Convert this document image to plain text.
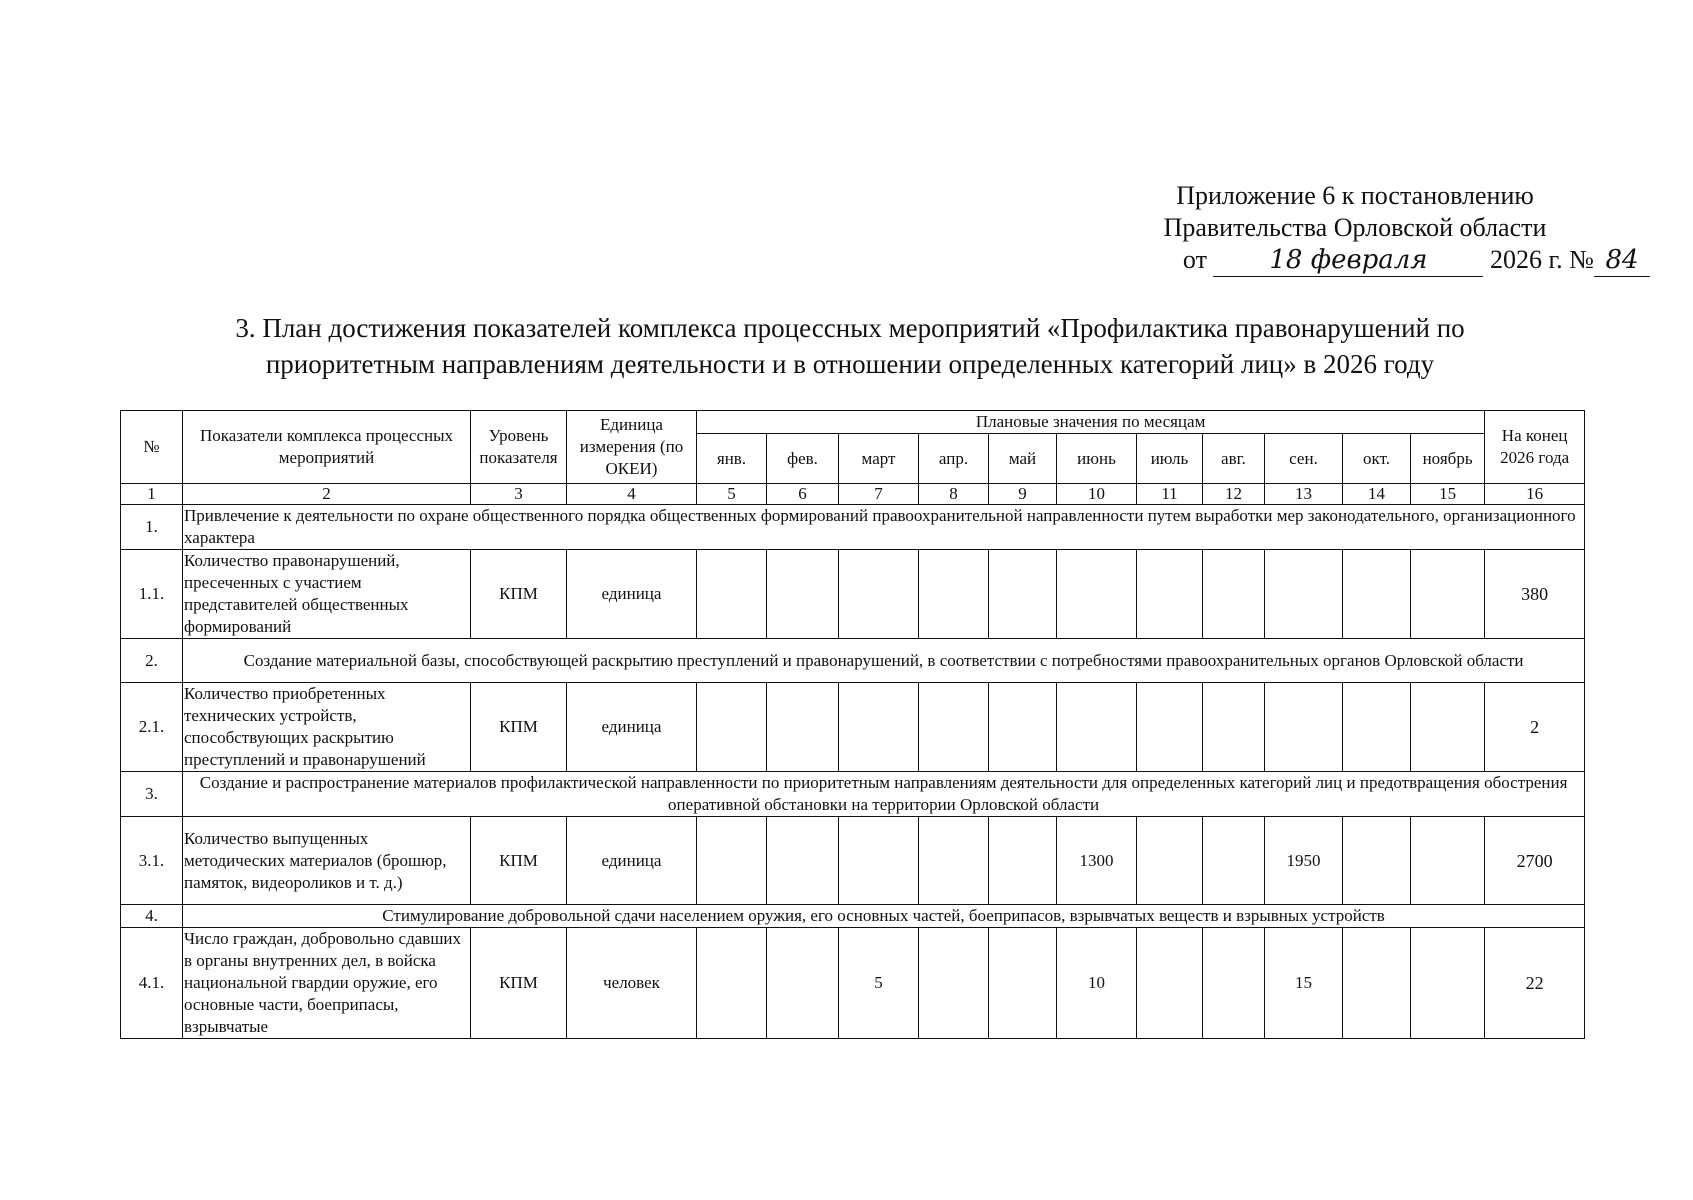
Приложение 6 к постановлению
Правительства Орловской области
от 18 февраля 2026 г. № 84
3. План достижения показателей комплекса процессных мероприятий «Профилактика правонарушений по
приоритетным направлениям деятельности и в отношении определенных категорий лиц» в 2026 году
№	Показатели комплекса процессных мероприятий	Уровень показателя	Единица измерения (по ОКЕИ)	Плановые значения по месяцам											На конец 2026 года
				янв.	фев.	март	апр.	май	июнь	июль	авг.	сен.	окт.	ноябрь	
1	2	3	4	5	6	7	8	9	10	11	12	13	14	15	16
1.	Привлечение к деятельности по охране общественного порядка общественных формирований правоохранительной направленности путем выработки мер законодательного, организационного характера														
1.1.	Количество правонарушений, пресеченных с участием представителей общественных формирований	КПМ	единица												380
2.	Создание материальной базы, способствующей раскрытию преступлений и правонарушений, в соответствии с потребностями правоохранительных органов Орловской области														
2.1.	Количество приобретенных технических устройств, способствующих раскрытию преступлений и правонарушений	КПМ	единица												2
3.	Создание и распространение материалов профилактической направленности по приоритетным направлениям деятельности для определенных категорий лиц и предотвращения обострения оперативной обстановки на территории Орловской области														
3.1.	Количество выпущенных методических материалов (брошюр, памяток, видеороликов и т. д.)	КПМ	единица						1300			1950			2700
4.	Стимулирование добровольной сдачи населением оружия, его основных частей, боеприпасов, взрывчатых веществ и взрывных устройств														
4.1.	Число граждан, добровольно сдавших в органы внутренних дел, в войска национальной гвардии оружие, его основные части, боеприпасы, взрывчатые	КПМ	человек			5			10			15			22
